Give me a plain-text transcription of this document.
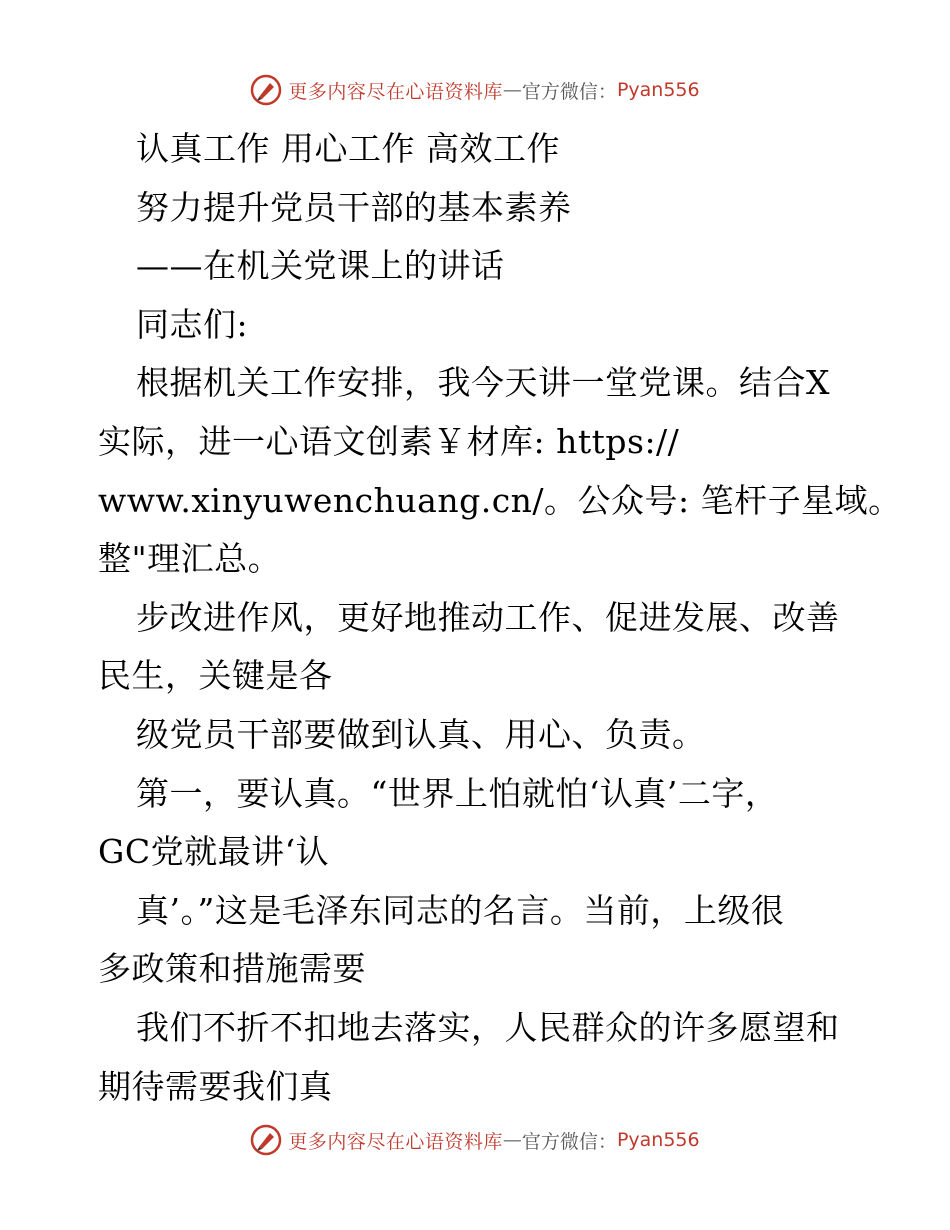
更多内容尽在心语资料库 — 官方微信： Pyan556
认真工作 用心工作 高效工作
努力提升党员干部的基本素养
——在机关党课上的讲话
同志们:
根据机关工作安排，我今天讲一堂党课。结合X
实际，进一心语文创素￥材库: https://
www.xinyuwenchuang.cn/。公众号: 笔杆子星域。
整"理汇总。
步改进作风，更好地推动工作、促进发展、改善
民生，关键是各
级党员干部要做到认真、用心、负责。
第一，要认真。“世界上怕就怕‘认真’二字，
GC党就最讲‘认
真’。”这是毛泽东同志的名言。当前，上级很
多政策和措施需要
我们不折不扣地去落实，人民群众的许多愿望和
期待需要我们真
更多内容尽在心语资料库 — 官方微信： Pyan556
